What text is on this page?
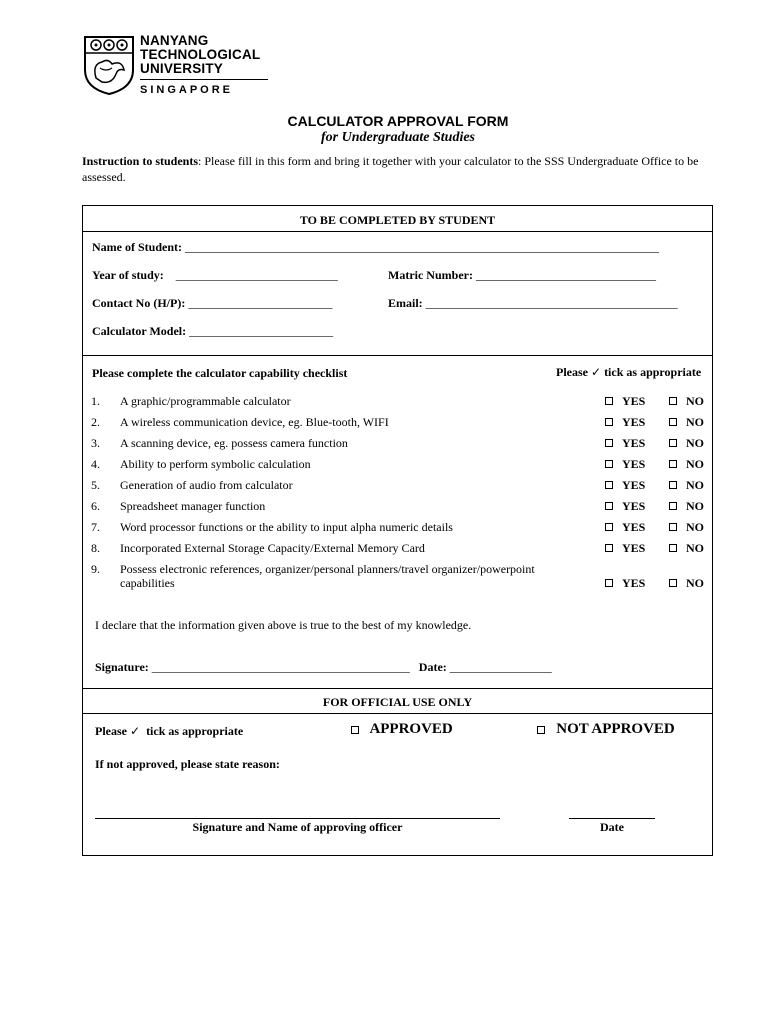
NANYANG
TECHNOLOGICAL
UNIVERSITY
SINGAPORE
CALCULATOR APPROVAL FORM
for Undergraduate Studies
Instruction to students: Please fill in this form and bring it together with your calculator to the SSS Undergraduate Office to be assessed.
TO BE COMPLETED BY STUDENT
Name of Student: _______________________________________________________________________________
Year of study: ___________________________	Matric Number: ______________________________
Contact No (H/P): ________________________	Email: __________________________________________
Calculator Model: ________________________
Please complete the calculator capability checklist	Please ✓ tick as appropriate
1. A graphic/programmable calculator	YES	NO
2. A wireless communication device, eg. Blue-tooth, WIFI	YES	NO
3. A scanning device, eg. possess camera function	YES	NO
4. Ability to perform symbolic calculation	YES	NO
5. Generation of audio from calculator	YES	NO
6. Spreadsheet manager function	YES	NO
7. Word processor functions or the ability to input alpha numeric details	YES	NO
8. Incorporated External Storage Capacity/External Memory Card	YES	NO
9. Possess electronic references, organizer/personal planners/travel organizer/powerpoint capabilities	YES	NO
I declare that the information given above is true to the best of my knowledge.
Signature: ___________________________________________ Date: _________________
FOR OFFICIAL USE ONLY
Please ✓ tick as appropriate	APPROVED	NOT APPROVED
If not approved, please state reason:
Signature and Name of approving officer	Date
